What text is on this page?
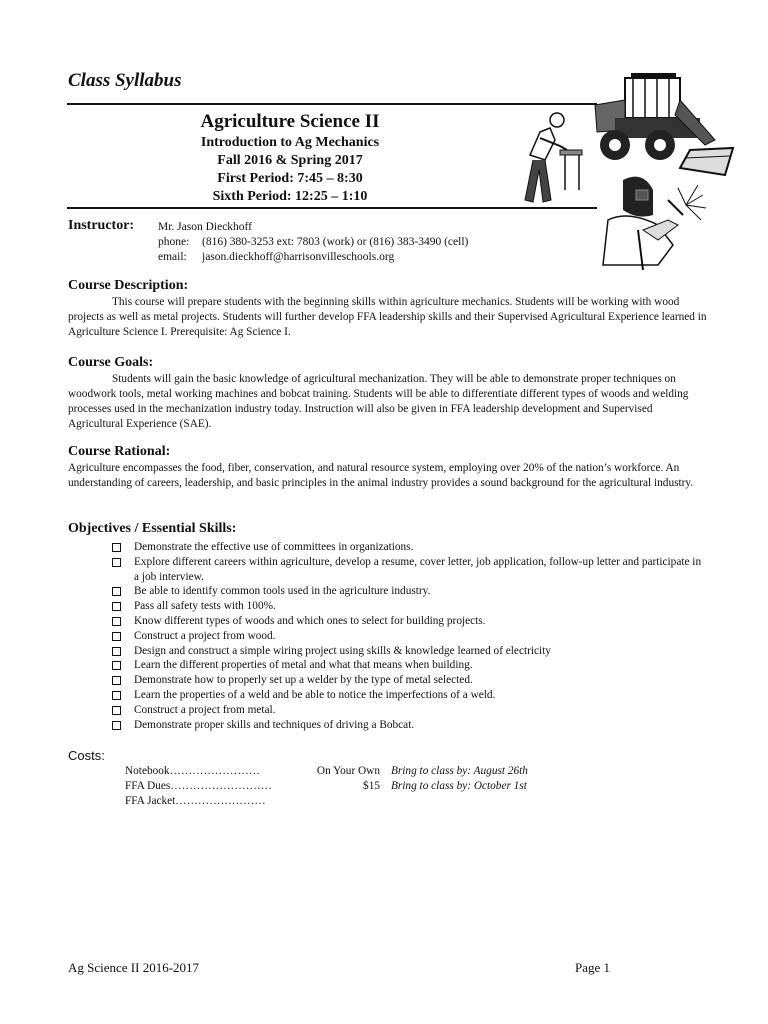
Class Syllabus
Agriculture Science II
Introduction to Ag Mechanics
Fall 2016 & Spring 2017
First Period: 7:45 – 8:30
Sixth Period: 12:25 – 1:10
Instructor: Mr. Jason Dieckhoff
phone:	(816) 380-3253 ext: 7803 (work) or (816) 383-3490 (cell)
email:	jason.dieckhoff@harrisonvilleschools.org
Course Description:
This course will prepare students with the beginning skills within agriculture mechanics. Students will be working with wood projects as well as metal projects. Students will further develop FFA leadership skills and their Supervised Agricultural Experience learned in Agriculture Science I. Prerequisite: Ag Science I.
Course Goals:
Students will gain the basic knowledge of agricultural mechanization. They will be able to demonstrate proper techniques on woodwork tools, metal working machines and bobcat training. Students will be able to differentiate different types of woods and welding processes used in the mechanization industry today. Instruction will also be given in FFA leadership development and Supervised Agricultural Experience (SAE).
Course Rational:
Agriculture encompasses the food, fiber, conservation, and natural resource system, employing over 20% of the nation’s workforce. An understanding of careers, leadership, and basic principles in the animal industry provides a sound background for the agricultural industry.
Objectives / Essential Skills:
Demonstrate the effective use of committees in organizations.
Explore different careers within agriculture, develop a resume, cover letter, job application, follow-up letter and participate in a job interview.
Be able to identify common tools used in the agriculture industry.
Pass all safety tests with 100%.
Know different types of woods and which ones to select for building projects.
Construct a project from wood.
Design and construct a simple wiring project using skills & knowledge learned of electricity
Learn the different properties of metal and what that means when building.
Demonstrate how to properly set up a welder by the type of metal selected.
Learn the properties of a weld and be able to notice the imperfections of a weld.
Construct a project from metal.
Demonstrate proper skills and techniques of driving a Bobcat.
Costs:
Notebook……………………	On Your Own Bring to class by: August 26th
FFA Dues………………………	$15 Bring to class by: October 1st
FFA Jacket……………………
Ag Science II 2016-2017	Page 1
